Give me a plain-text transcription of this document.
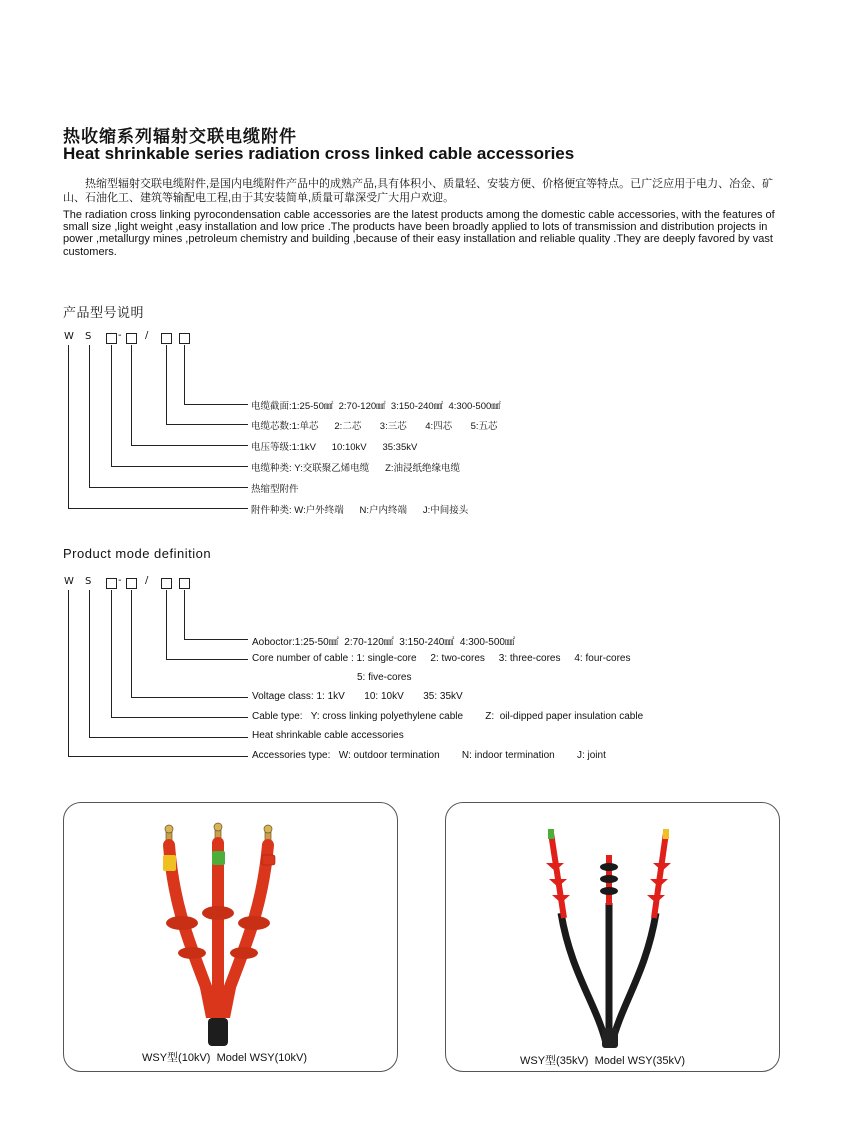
热收缩系列辐射交联电缆附件
Heat shrinkable series radiation cross linked cable accessories
热缩型辐射交联电缆附件,是国内电缆附件产品中的成熟产品,具有体积小、质量轻、安装方便、价格便宜等特点。已广泛应用于电力、冶金、矿山、石油化工、建筑等输配电工程,由于其安装简单,质量可靠深受广大用户欢迎。
The radiation cross linking pyrocondensation cable accessories are the latest products among the domestic cable accessories, with the features of small size ,light weight ,easy installation and low price .The products have been broadly applied to lots of transmission and distribution projects in power ,metallurgy mines ,petroleum chemistry and building ,because of their easy installation and reliable quality .They are deeply favored by vast customers.
产品型号说明
W S	- /
电缆截面:1:25-50㎟  2:70-120㎟  3:150-240㎟  4:300-500㎟
电缆芯数:1:单芯      2:二芯       3:三芯       4:四芯       5:五芯
电压等级:1:1kV      10:10kV      35:35kV
电缆种类: Y:交联聚乙烯电缆      Z:油浸纸绝缘电缆
热缩型附件
附件种类: W:户外终端      N:户内终端      J:中间接头
Product mode definition
W S	- /
Aoboctor:1:25-50㎟  2:70-120㎟  3:150-240㎟  4:300-500㎟
Core number of cable : 1: single-core     2: two-cores     3: three-cores     4: four-cores
5: five-cores
Voltage class: 1: 1kV       10: 10kV       35: 35kV
Cable type:   Y: cross linking polyethylene cable        Z:  oil-dipped paper insulation cable
Heat shrinkable cable accessories
Accessories type:   W: outdoor termination        N: indoor termination        J: joint
WSY型(10kV)  Model WSY(10kV)	WSY型(35kV)  Model WSY(35kV)
